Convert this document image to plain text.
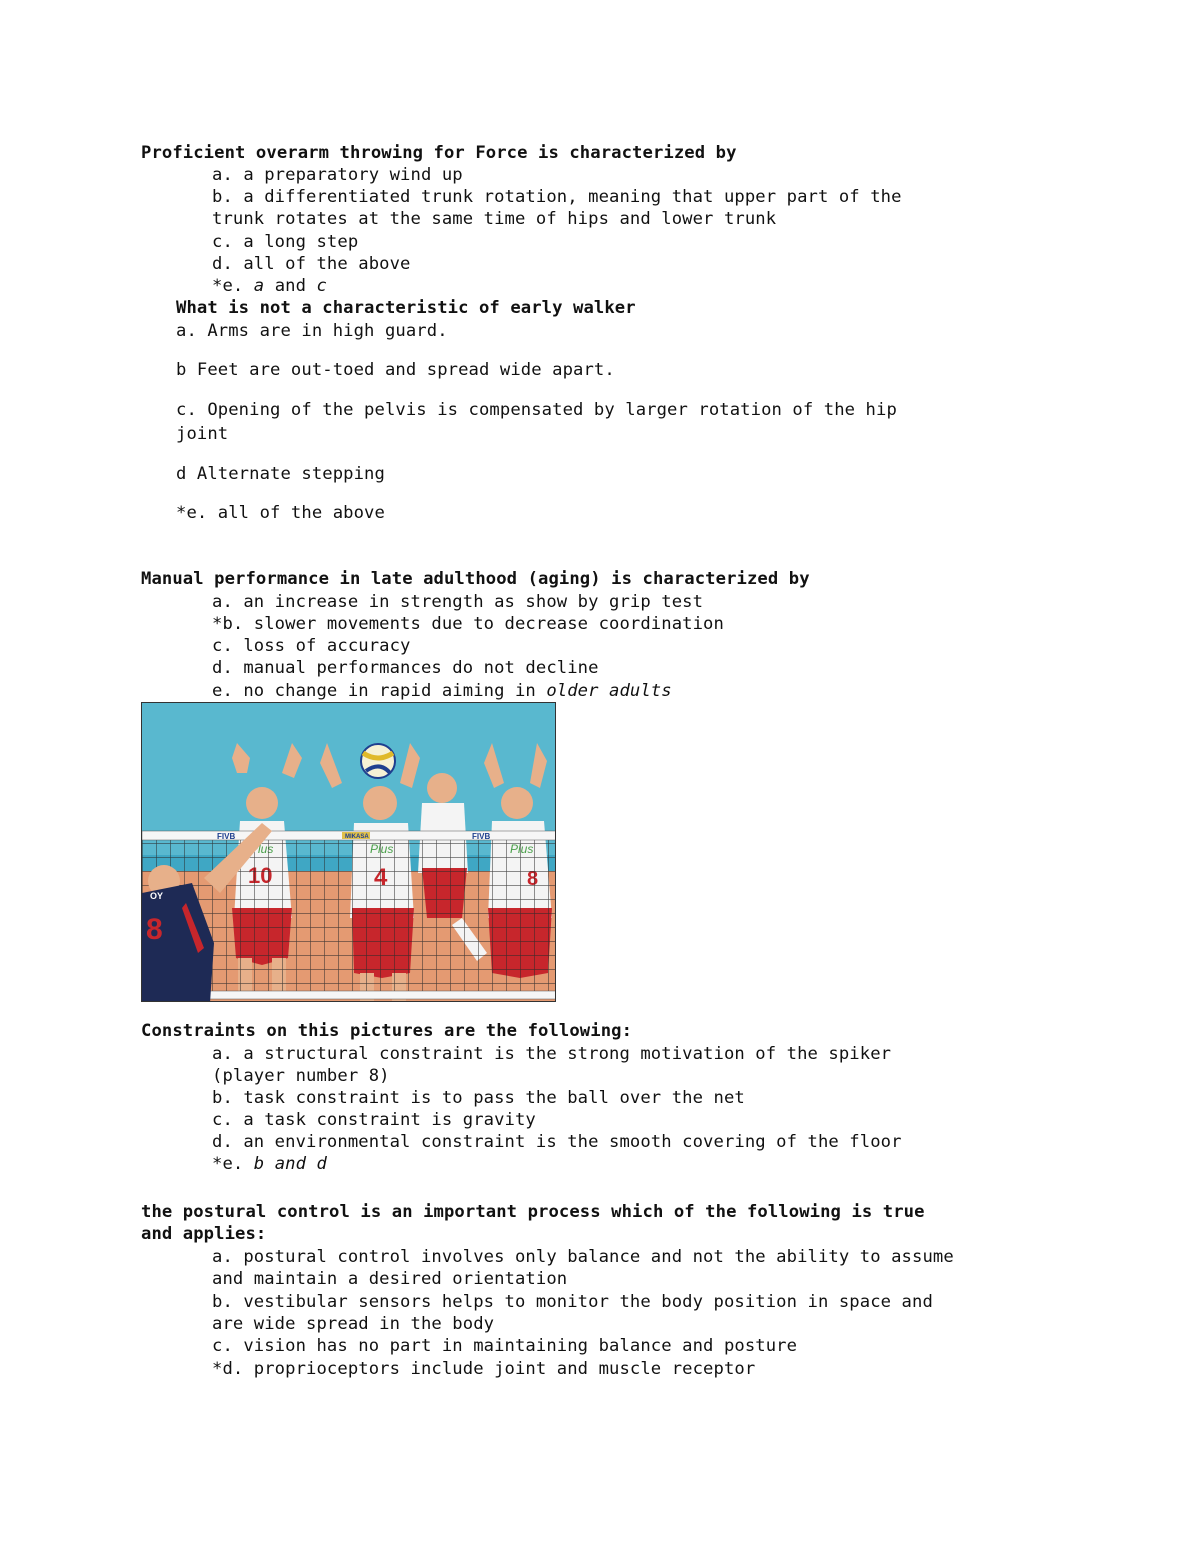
Proficient overarm throwing for Force is characterized by
a. a preparatory wind up
b. a differentiated trunk rotation, meaning that upper part of the
trunk rotates at the same time of hips and lower trunk
c. a long step
d. all of the above
*e. a and c
What is not a characteristic of early walker
a. Arms are in high guard.
b Feet are out-toed and spread wide apart.
c. Opening of the pelvis is compensated by larger rotation of the hip
joint
d Alternate stepping
*e. all of the above
Manual performance in late adulthood (aging) is characterized by
a. an increase in strength as show by grip test
*b. slower movements due to decrease coordination
c. loss of accuracy
d. manual performances do not decline
e. no change in rapid aiming in older adults
MIKASA
FIVB	FIVB
8
OY
Constraints on this pictures are the following:
a. a structural constraint is the strong motivation of the spiker
(player number 8)
b. task constraint is to pass the ball over the net
c. a task constraint is gravity
d. an environmental constraint is the smooth covering of the floor
*e. b and d
the postural control is an important process which of the following is true
and applies:
a. postural control involves only balance and not the ability to assume
and maintain a desired orientation
b. vestibular sensors helps to monitor the body position in space and
are wide spread in the body
c. vision has no part in maintaining balance and posture
*d. proprioceptors include joint and muscle receptor
